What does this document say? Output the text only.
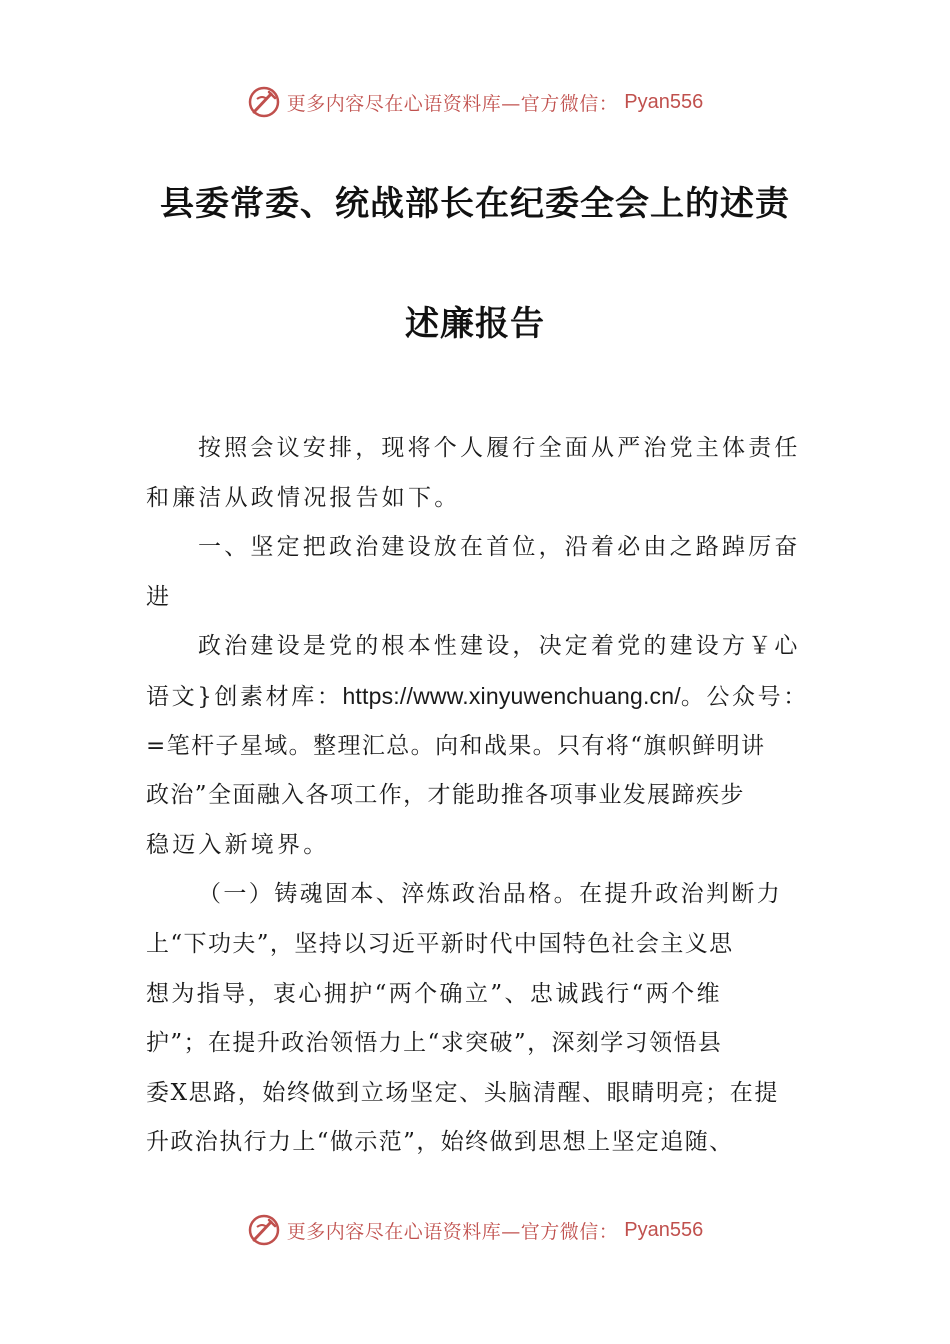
更多内容尽在心语资料库—官方微信： Pyan556
县委常委、统战部长在纪委全会上的述责
述廉报告
按照会议安排，现将个人履行全面从严治党主体责任
和廉洁从政情况报告如下。
一、坚定把政治建设放在首位，沿着必由之路踔厉奋
进
政治建设是党的根本性建设，决定着党的建设方￥心
语文}创素材库：https://www.xinyuwenchuang.cn/。公众号：
=笔杆子星域。整理汇总。向和战果。只有将“旗帜鲜明讲
政治”全面融入各项工作，才能助推各项事业发展蹄疾步
稳迈入新境界。
（一）铸魂固本、淬炼政治品格。在提升政治判断力
上“下功夫”，坚持以习近平新时代中国特色社会主义思
想为指导，衷心拥护“两个确立”、忠诚践行“两个维
护”；在提升政治领悟力上“求突破”，深刻学习领悟县
委X思路，始终做到立场坚定、头脑清醒、眼睛明亮；在提
升政治执行力上“做示范”，始终做到思想上坚定追随、
更多内容尽在心语资料库—官方微信： Pyan556
